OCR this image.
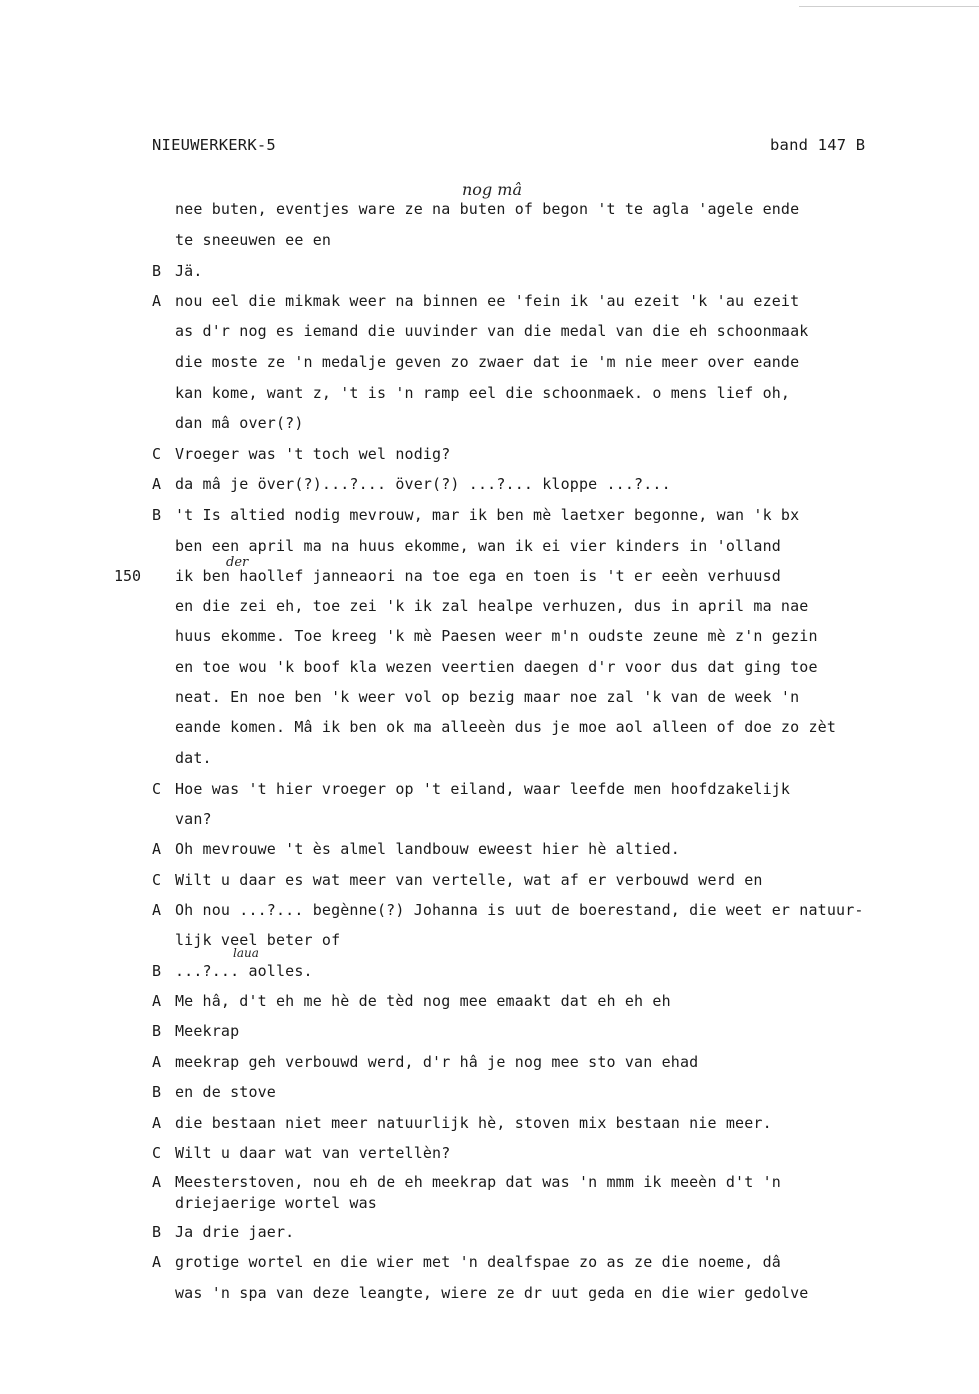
NIEUWERKERK-5	band 147 B
nog mâ
der
laua
150
nee buten, eventjes ware ze na buten of begon 't te agla 'agele ende
te sneeuwen ee en
B Jä.
A nou eel die mikmak weer na binnen ee 'fein ik 'au ezeit 'k 'au ezeit
as d'r nog es iemand die uuvinder van die medal van die eh schoonmaak
die moste ze 'n medalje geven zo zwaer dat ie 'm nie meer over eande
kan kome, want z, 't is 'n ramp eel die schoonmaek. o mens lief oh,
dan mâ over(?)
C Vroeger was 't toch wel nodig?
A da mâ je över(?)...?... över(?) ...?... kloppe ...?...
B 't Is altied nodig mevrouw, mar ik ben mè laetxer begonne, wan 'k bx
ben een april ma na huus ekomme, wan ik ei vier kinders in 'olland
ik ben haollef janneaori na toe ega en toen is 't er eeèn verhuusd
en die zei eh, toe zei 'k ik zal healpe verhuzen, dus in april ma nae
huus ekomme. Toe kreeg 'k mè Paesen weer m'n oudste zeune mè z'n gezin
en toe wou 'k boof kla wezen veertien daegen d'r voor dus dat ging toe
neat. En noe ben 'k weer vol op bezig maar noe zal 'k van de week 'n
eande komen. Mâ ik ben ok ma alleeèn dus je moe aol alleen of doe zo zèt
dat.
C Hoe was 't hier vroeger op 't eiland, waar leefde men hoofdzakelijk
van?
A Oh mevrouwe 't ès almel landbouw eweest hier hè altied.
C Wilt u daar es wat meer van vertelle, wat af er verbouwd werd en
A Oh nou ...?... begènne(?) Johanna is uut de boerestand, die weet er natuur-
lijk veel beter of
B ...?... aolles.
A Me hâ, d't eh me hè de tèd nog mee emaakt dat eh eh eh
B Meekrap
A meekrap geh verbouwd werd, d'r hâ je nog mee sto van ehad
B en de stove
A die bestaan niet meer natuurlijk hè, stoven mix bestaan nie meer.
C Wilt u daar wat van vertellèn?
A Meesterstoven, nou eh de eh meekrap dat was 'n mmm ik meeèn d't 'n
driejaerige wortel was
B Ja drie jaer.
A grotige wortel en die wier met 'n dealfspae zo as ze die noeme, dâ
was 'n spa van deze leangte, wiere ze dr uut geda en die wier gedolve
